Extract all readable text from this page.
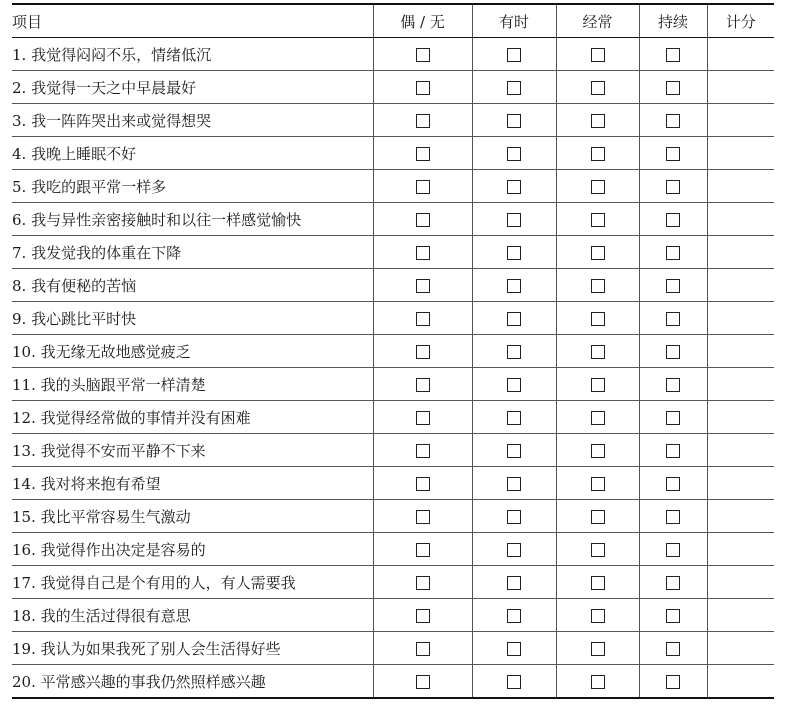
项目	偶 / 无	有时	经常	持续	计分
1. 我觉得闷闷不乐，情绪低沉					
2. 我觉得一天之中早晨最好					
3. 我一阵阵哭出来或觉得想哭					
4. 我晚上睡眠不好					
5. 我吃的跟平常一样多					
6. 我与异性亲密接触时和以往一样感觉愉快					
7. 我发觉我的体重在下降					
8. 我有便秘的苦恼					
9. 我心跳比平时快					
10. 我无缘无故地感觉疲乏					
11. 我的头脑跟平常一样清楚					
12. 我觉得经常做的事情并没有困难					
13. 我觉得不安而平静不下来					
14. 我对将来抱有希望					
15. 我比平常容易生气激动					
16. 我觉得作出决定是容易的					
17. 我觉得自己是个有用的人，有人需要我					
18. 我的生活过得很有意思					
19. 我认为如果我死了别人会生活得好些					
20. 平常感兴趣的事我仍然照样感兴趣					
